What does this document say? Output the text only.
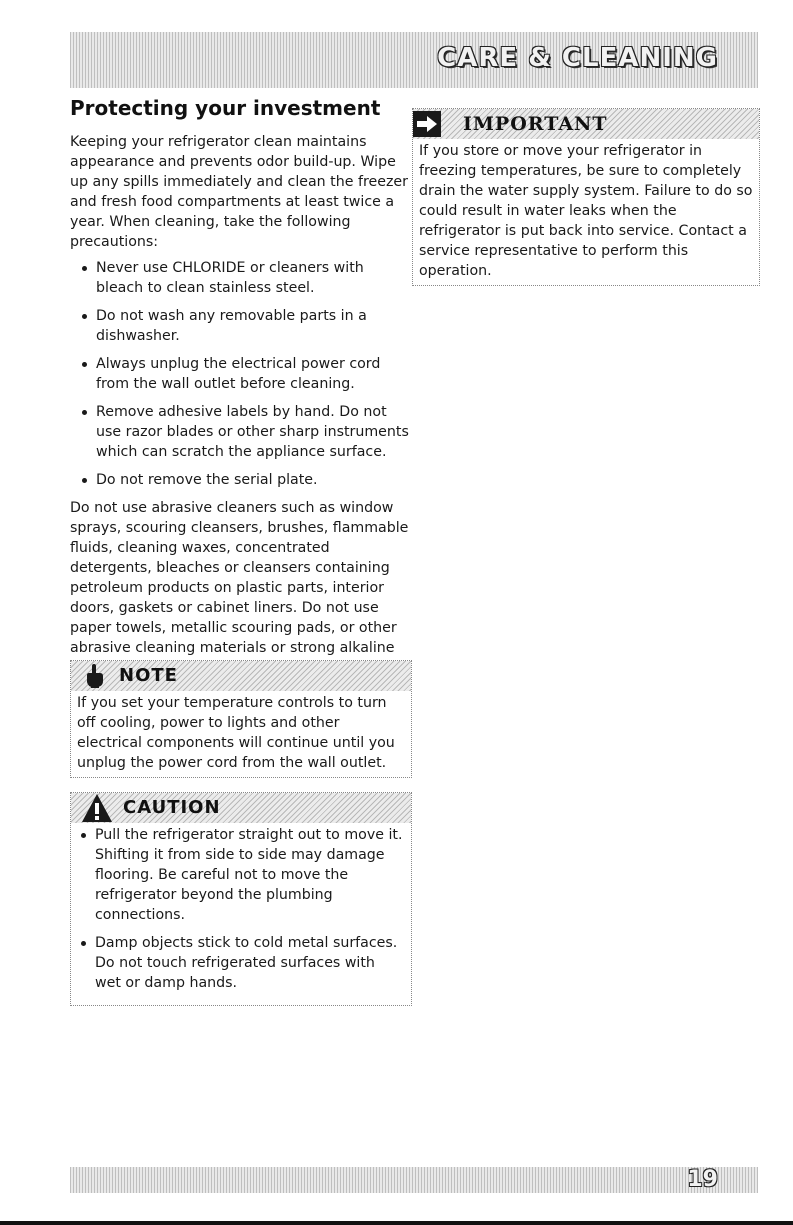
CARE & CLEANING
Protecting your investment

Keeping your refrigerator clean maintains appearance and prevents odor build-up. Wipe up any spills immediately and clean the freezer and fresh food compartments at least twice a year. When cleaning, take the following precautions:

Never use CHLORIDE or cleaners with bleach to clean stainless steel.
Do not wash any removable parts in a dishwasher.
Always unplug the electrical power cord from the wall outlet before cleaning.
Remove adhesive labels by hand. Do not use razor blades or other sharp instruments which can scratch the appliance surface.
Do not remove the serial plate.

Do not use abrasive cleaners such as window sprays, scouring cleansers, brushes, flammable fluids, cleaning waxes, concentrated detergents, bleaches or cleansers containing petroleum products on plastic parts, interior doors, gaskets or cabinet liners. Do not use paper towels, metallic scouring pads, or other abrasive cleaning materials or strong alkaline

IMPORTANT
If you store or move your refrigerator in freezing temperatures, be sure to completely drain the water supply system. Failure to do so could result in water leaks when the refrigerator is put back into service. Contact a service representative to perform this operation.
NOTE
If you set your temperature controls to turn off cooling, power to lights and other electrical components will continue until you unplug the power cord from the wall outlet.
CAUTION
Pull the refrigerator straight out to move it. Shifting it from side to side may damage flooring. Be careful not to move the refrigerator beyond the plumbing connections.
Damp objects stick to cold metal surfaces. Do not touch refrigerated surfaces with wet or damp hands.
19
